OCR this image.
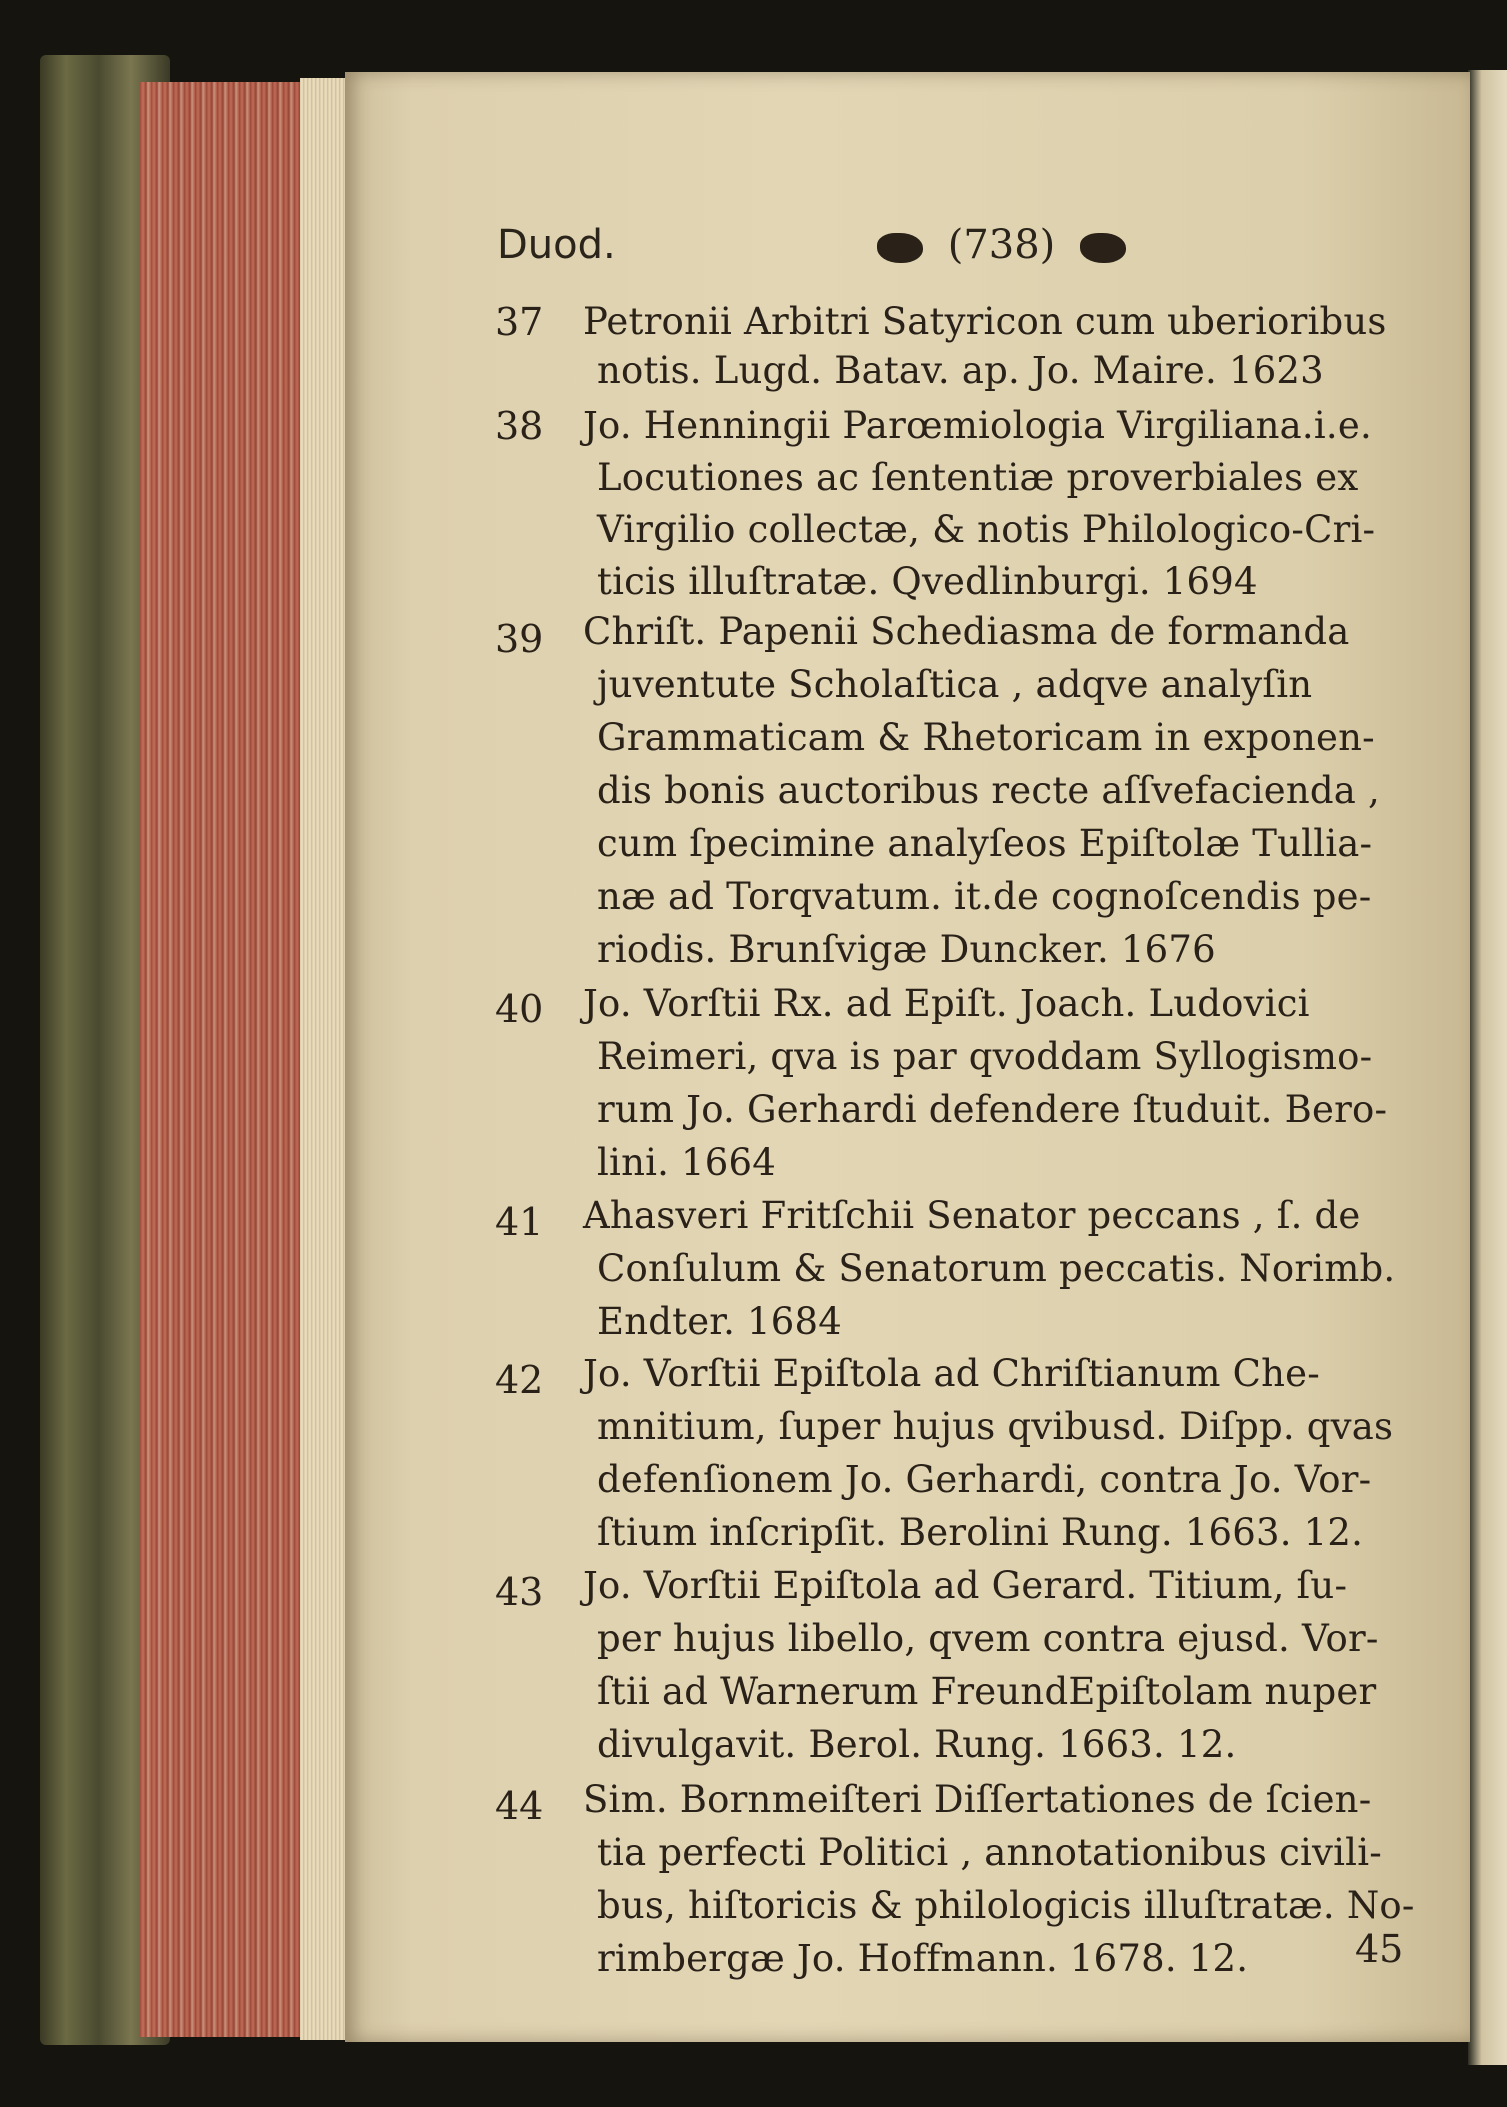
Duod.	(738)
37 Petronii Arbitri Satyricon cum uberioribus
notis. Lugd. Batav. ap. Jo. Maire. 1623
38 Jo. Henningii Parœmiologia Virgiliana.i.e.
Locutiones ac ſententiæ proverbiales ex
Virgilio collectæ, & notis Philologico-Cri-
ticis illuſtratæ. Qvedlinburgi. 1694
39 Chriſt. Papenii Schediasma de formanda
juventute Scholaſtica , adqve analyſin
Grammaticam & Rhetoricam in exponen-
dis bonis auctoribus recte aſſvefacienda ,
cum ſpecimine analyſeos Epiſtolæ Tullia-
næ ad Torqvatum. it.de cognoſcendis pe-
riodis. Brunſvigæ Duncker. 1676
40 Jo. Vorſtii Rx. ad Epiſt. Joach. Ludovici
Reimeri, qva is par qvoddam Syllogismo-
rum Jo. Gerhardi defendere ſtuduit. Bero-
lini. 1664
41 Ahasveri Fritſchii Senator peccans , ſ. de
Conſulum & Senatorum peccatis. Norimb.
Endter. 1684
42 Jo. Vorſtii Epiſtola ad Chriſtianum Che-
mnitium, ſuper hujus qvibusd. Diſpp. qvas
defenſionem Jo. Gerhardi, contra Jo. Vor-
ſtium inſcripſit. Berolini Rung. 1663. 12.
43 Jo. Vorſtii Epiſtola ad Gerard. Titium, ſu-
per hujus libello, qvem contra ejusd. Vor-
ſtii ad Warnerum FreundEpiſtolam nuper
divulgavit. Berol. Rung. 1663. 12.
44 Sim. Bornmeiſteri Diſſertationes de ſcien-
tia perfecti Politici , annotationibus civili-
bus, hiſtoricis & philologicis illuſtratæ. No-
rimbergæ Jo. Hoffmann. 1678. 12.	45
